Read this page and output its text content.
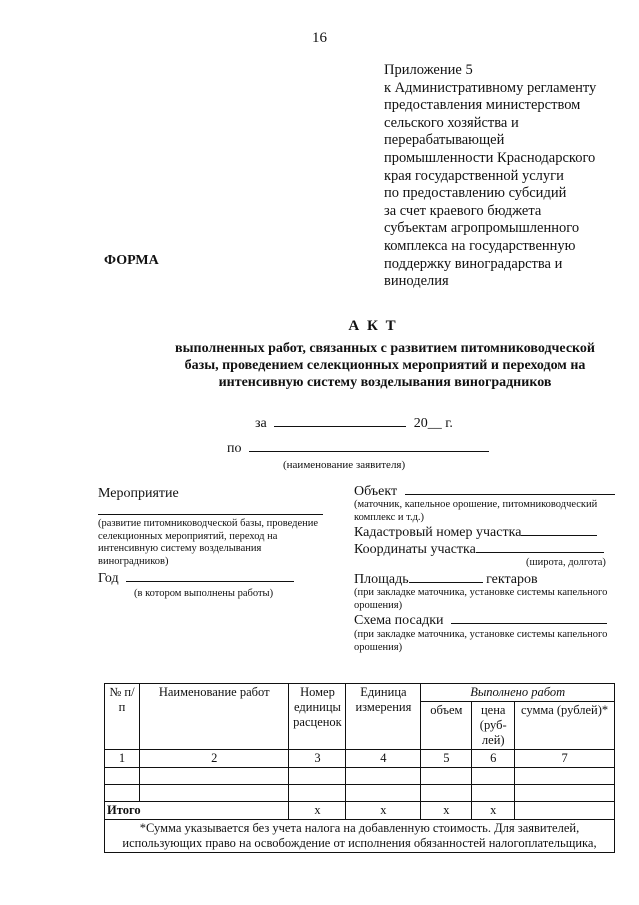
16
Приложение 5
к Административному регламенту
предоставления министерством
сельского хозяйства и
перерабатывающей
промышленности Краснодарского
края государственной услуги
по предоставлению субсидий
за счет краевого бюджета
субъектам агропромышленного
комплекса на государственную
поддержку виноградарства и
виноделия
ФОРМА
А К Т
выполненных работ, связанных с развитием питомниководческой базы, проведением селекционных мероприятий и переходом на интенсивную систему возделывания виноградников
за	20__ г.
по
(наименование заявителя)
Мероприятие
(развитие питомниководческой базы, проведение селекционных мероприятий, переход на интенсивную систему возделывания виноградников)
Год
(в котором выполнены работы)
Объект
(маточник, капельное орошение, питомниководческий комплекс и т.д.)
Кадастровый номер участка
Координаты участка
(широта, долгота)
Площадь	гектаров
(при закладке маточника, установке системы капельного орошения)
Схема посадки
(при закладке маточника, установке системы капельного орошения)
№ п/п	Наименование работ	Номер единицы расценок	Единица измерения	Выполнено работ		
				объем	цена (руб-лей)	сумма (рублей)*
1	2	3	4	5	6	7

Итого		х	х	х	х	
*Сумма указывается без учета налога на добавленную стоимость. Для заявителей, использующих право на освобождение от исполнения обязанностей налогоплательщика,						
